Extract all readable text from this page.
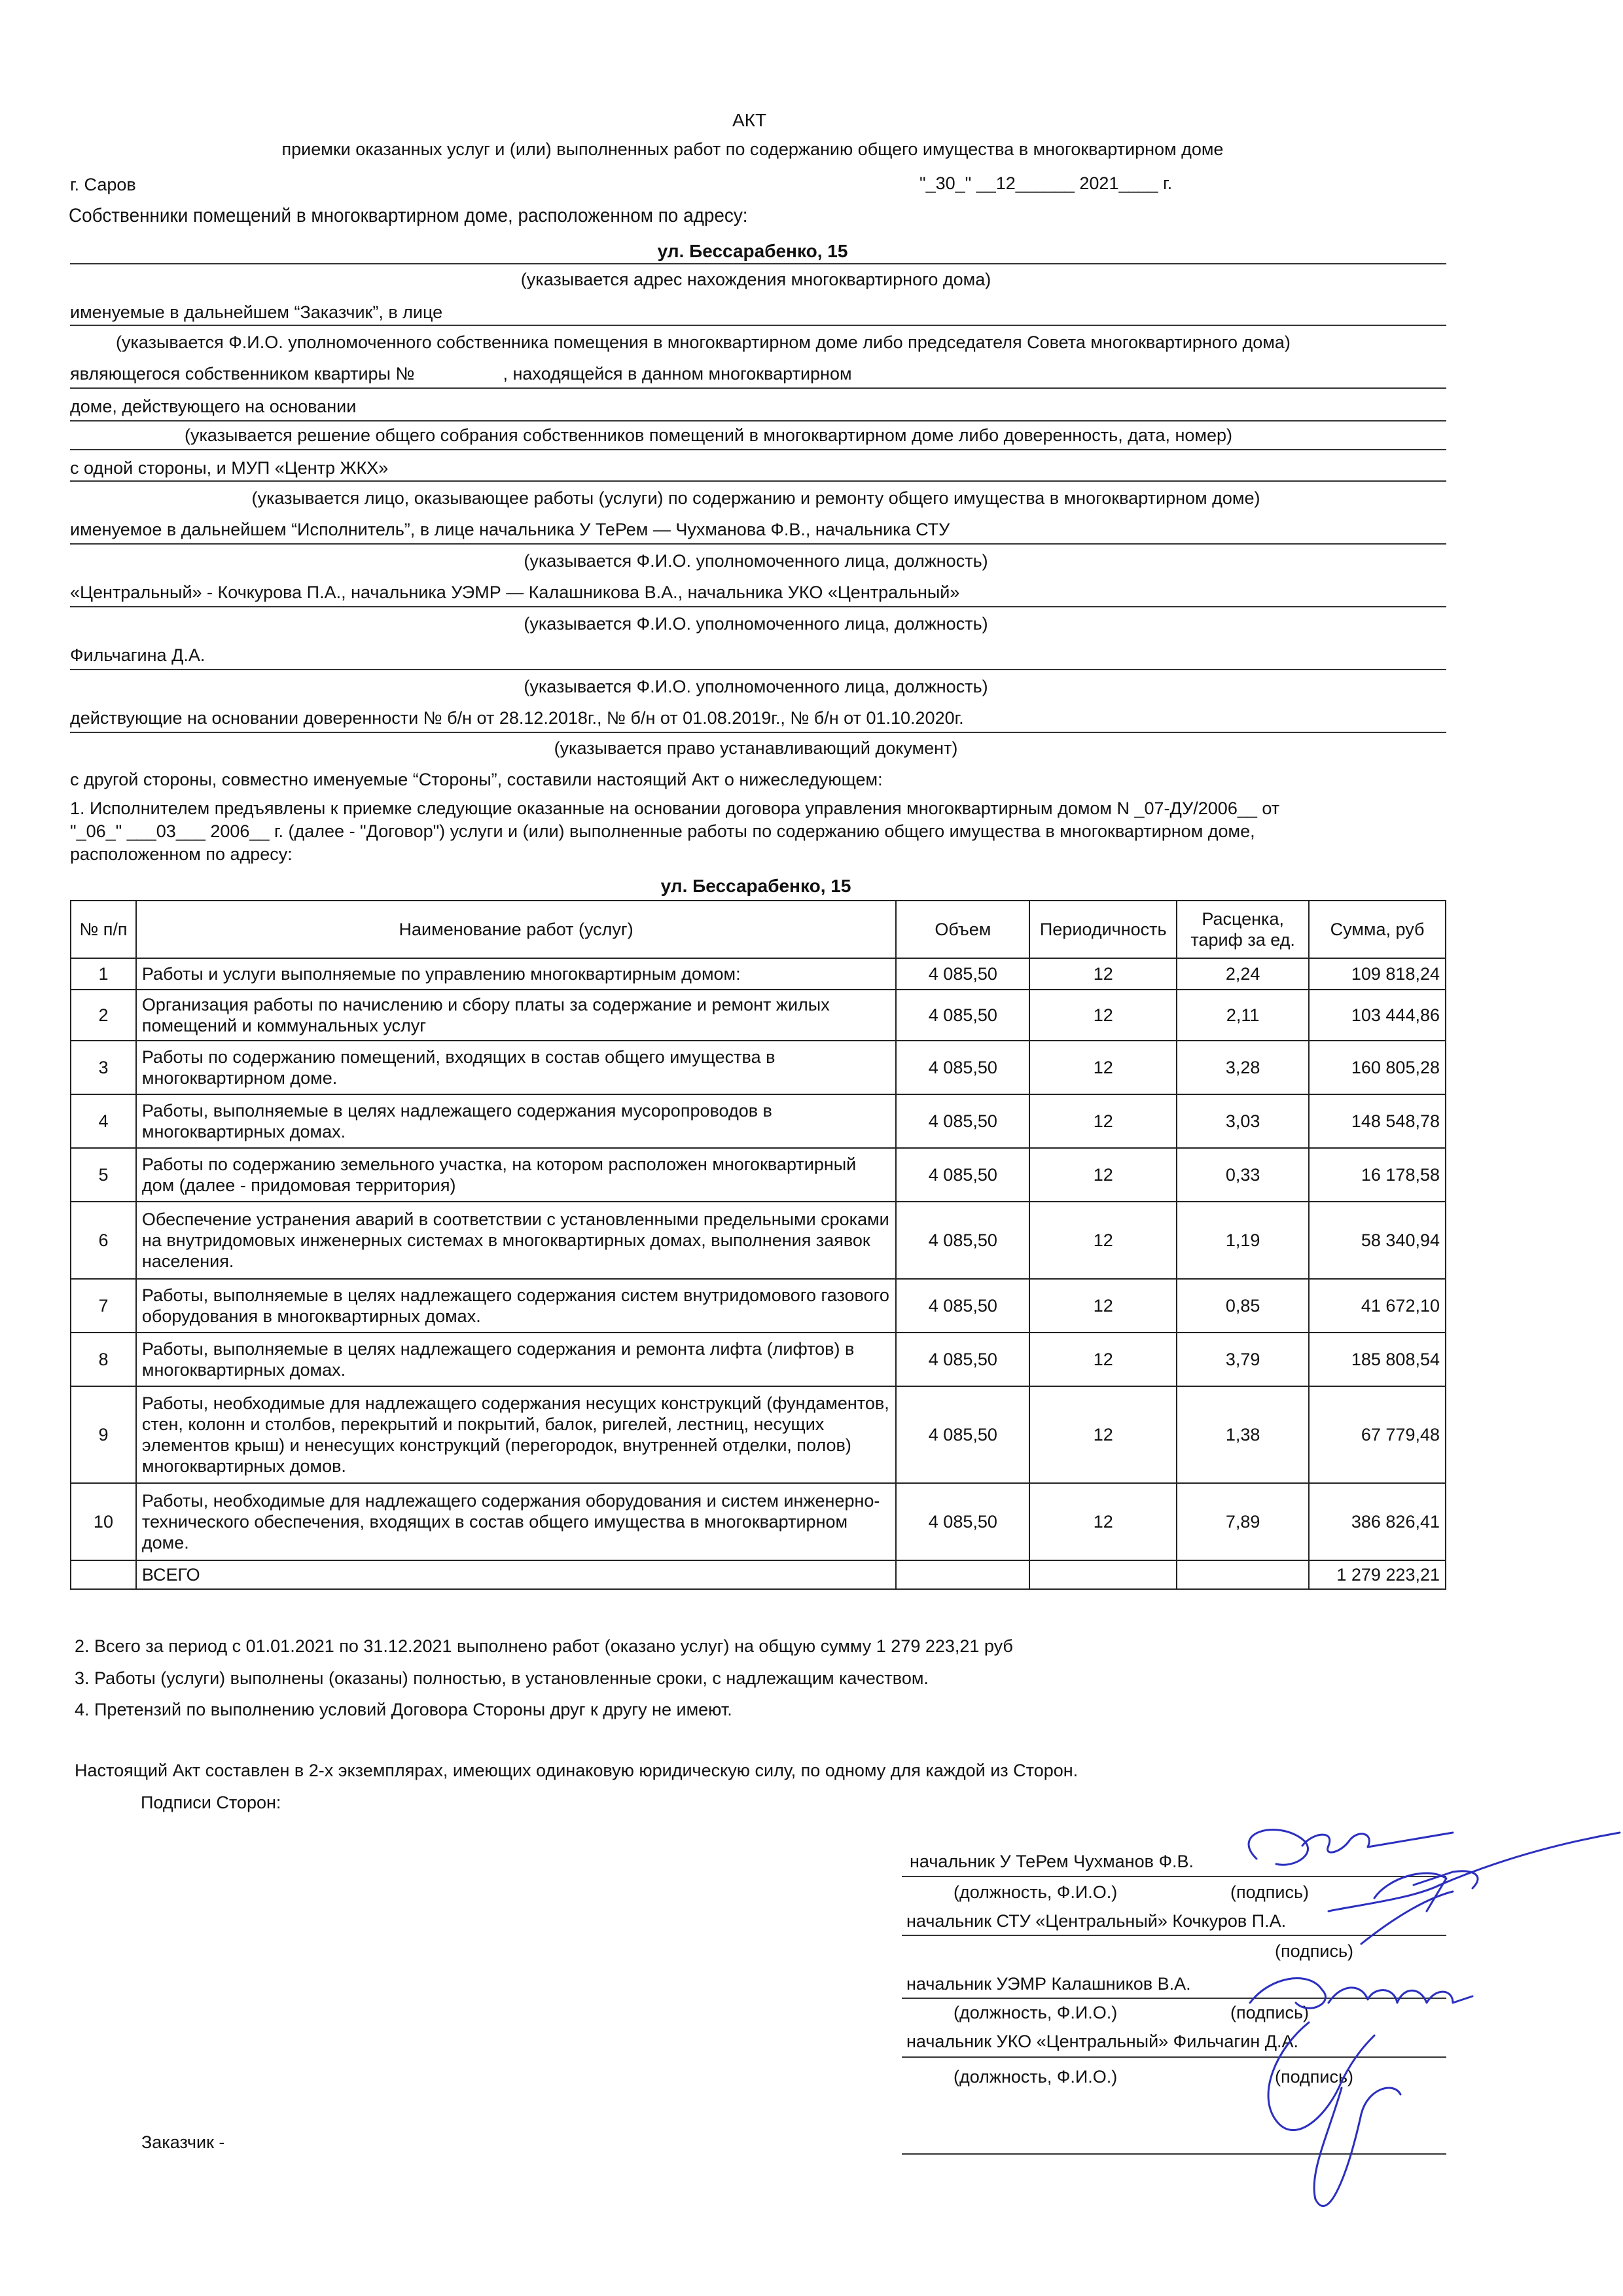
АКТ
приемки оказанных услуг и (или) выполненных работ по содержанию общего имущества в многоквартирном доме
г. Саров	"_30_" __12______ 2021____ г.
Собственники помещений в многоквартирном доме, расположенном по адресу:
ул. Бессарабенко, 15
(указывается адрес нахождения многоквартирного дома)
именуемые в дальнейшем “Заказчик”, в лице
(указывается Ф.И.О. уполномоченного собственника помещения в многоквартирном доме либо председателя Совета многоквартирного дома)
являющегося собственником квартиры №                  , находящейся в данном многоквартирном
доме, действующего на основании
(указывается решение общего собрания собственников помещений в многоквартирном доме либо доверенность, дата, номер)
с одной стороны, и МУП «Центр ЖКХ»
(указывается лицо, оказывающее работы (услуги) по содержанию и ремонту общего имущества в многоквартирном доме)
именуемое в дальнейшем “Исполнитель”, в лице начальника У ТеРем — Чухманова Ф.В., начальника СТУ
(указывается Ф.И.О. уполномоченного лица, должность)
«Центральный» - Кочкурова П.А., начальника УЭМР — Калашникова В.А., начальника УКО «Центральный»
(указывается Ф.И.О. уполномоченного лица, должность)
Фильчагина Д.А.
(указывается Ф.И.О. уполномоченного лица, должность)
действующие на основании доверенности № б/н от 28.12.2018г., № б/н от 01.08.2019г., № б/н от 01.10.2020г.
(указывается право устанавливающий документ)
с другой стороны, совместно именуемые “Стороны”, составили настоящий Акт о нижеследующем:
1. Исполнителем предъявлены к приемке следующие оказанные на основании договора управления многоквартирным домом N _07-ДУ/2006__ от
"_06_" ___03___ 2006__ г. (далее - "Договор") услуги и (или) выполненные работы по содержанию общего имущества в многоквартирном доме,
расположенном по адресу:
ул. Бессарабенко, 15
№ п/п	Наименование работ (услуг)	Объем	Периодичность	Расценка, тариф за ед.	Сумма, руб
1	Работы и услуги выполняемые по управлению многоквартирным домом:	4 085,50	12	2,24	109 818,24
2	Организация работы по начислению и сбору платы за содержание и ремонт жилых помещений и коммунальных услуг	4 085,50	12	2,11	103 444,86
3	Работы по содержанию помещений, входящих в состав общего имущества в многоквартирном доме.	4 085,50	12	3,28	160 805,28
4	Работы, выполняемые в целях надлежащего содержания мусоропроводов в многоквартирных домах.	4 085,50	12	3,03	148 548,78
5	Работы по содержанию земельного участка, на котором расположен многоквартирный дом (далее - придомовая территория)	4 085,50	12	0,33	16 178,58
6	Обеспечение устранения аварий в соответствии с установленными предельными сроками на внутридомовых инженерных системах в многоквартирных домах, выполнения заявок населения.	4 085,50	12	1,19	58 340,94
7	Работы, выполняемые в целях надлежащего содержания систем внутридомового газового оборудования в многоквартирных домах.	4 085,50	12	0,85	41 672,10
8	Работы, выполняемые в целях надлежащего содержания и ремонта лифта (лифтов) в многоквартирных домах.	4 085,50	12	3,79	185 808,54
9	Работы, необходимые для надлежащего содержания несущих конструкций (фундаментов, стен, колонн и столбов, перекрытий и покрытий, балок, ригелей, лестниц, несущих элементов крыш) и ненесущих конструкций (перегородок, внутренней отделки, полов) многоквартирных домов.	4 085,50	12	1,38	67 779,48
10	Работы, необходимые для надлежащего содержания оборудования и систем инженерно-технического обеспечения, входящих в состав общего имущества в многоквартирном доме.	4 085,50	12	7,89	386 826,41
	ВСЕГО				1 279 223,21
2. Всего за период с 01.01.2021 по 31.12.2021 выполнено работ (оказано услуг) на общую сумму 1 279 223,21 руб
3. Работы (услуги) выполнены (оказаны) полностью, в установленные сроки, с надлежащим качеством.
4. Претензий по выполнению условий Договора Стороны друг к другу не имеют.
Настоящий Акт составлен в 2-х экземплярах, имеющих одинаковую юридическую силу, по одному для каждой из Сторон.
Подписи Сторон:
начальник У ТеРем Чухманов Ф.В.
(должность, Ф.И.О.)	(подпись)
начальник СТУ «Центральный» Кочкуров П.А.
(подпись)
начальник УЭМР Калашников В.А.
(должность, Ф.И.О.)	(подпись)
начальник УКО «Центральный» Фильчагин Д.А.
(должность, Ф.И.О.)	(подпись)
Заказчик -
